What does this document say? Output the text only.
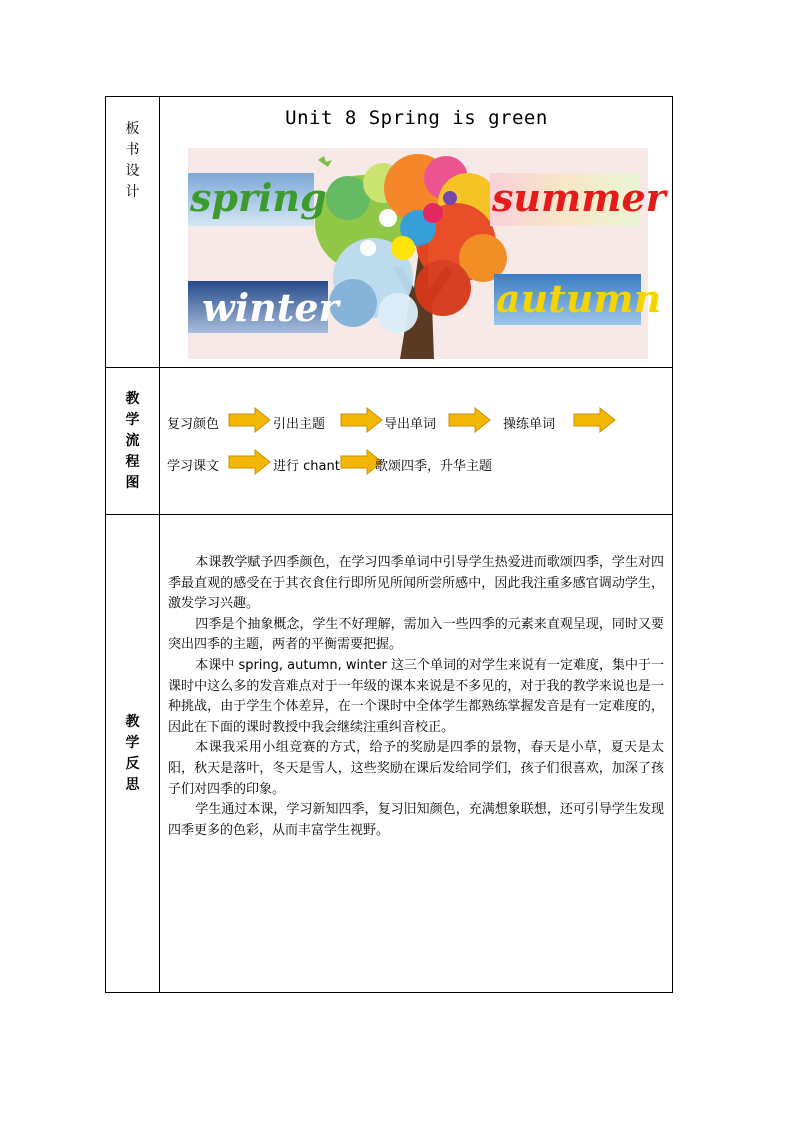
板书设计
Unit 8 Spring is green
spring	summer
winter	autumn
教学流程图
复习颜色	引出主题	导出单词	操练单词
学习课文	进行 chant	歌颂四季，升华主题
教学反思

本课教学赋予四季颜色，在学习四季单词中引导学生热爱进而歌颂四季，学生对四季最直观的感受在于其衣食住行即所见所闻所尝所感中，因此我注重多感官调动学生，激发学习兴趣。

四季是个抽象概念，学生不好理解，需加入一些四季的元素来直观呈现，同时又要突出四季的主题，两者的平衡需要把握。

本课中 spring, autumn, winter 这三个单词的对学生来说有一定难度，集中于一课时中这么多的发音难点对于一年级的课本来说是不多见的，对于我的教学来说也是一种挑战，由于学生个体差异，在一个课时中全体学生都熟练掌握发音是有一定难度的，因此在下面的课时教授中我会继续注重纠音校正。

本课我采用小组竞赛的方式，给予的奖励是四季的景物，春天是小草，夏天是太阳，秋天是落叶，冬天是雪人，这些奖励在课后发给同学们，孩子们很喜欢，加深了孩子们对四季的印象。

学生通过本课，学习新知四季，复习旧知颜色，充满想象联想，还可引导学生发现四季更多的色彩，从而丰富学生视野。
